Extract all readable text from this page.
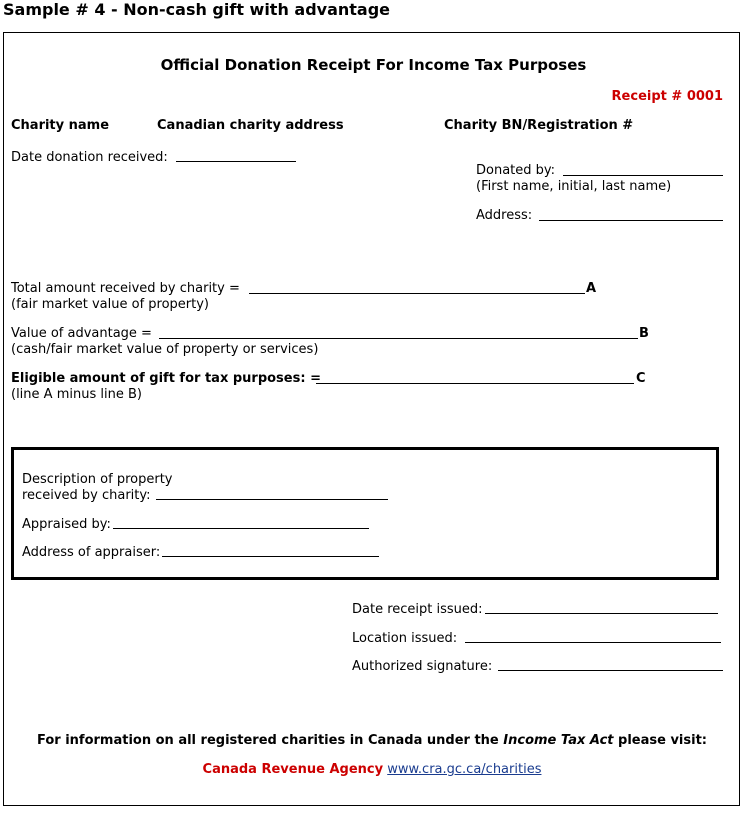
Sample # 4 - Non-cash gift with advantage
Official Donation Receipt For Income Tax Purposes
Receipt # 0001
Charity name	Canadian charity address	Charity BN/Registration #
Date donation received:
Donated by:
(First name, initial, last name)
Address:
Total amount received by charity =	A
(fair market value of property)
Value of advantage =	B
(cash/fair market value of property or services)
Eligible amount of gift for tax purposes: =	C
(line A minus line B)
Description of property
received by charity:
Appraised by:
Address of appraiser:
Date receipt issued:
Location issued:
Authorized signature:
For information on all registered charities in Canada under the Income Tax Act please visit:
Canada Revenue Agency www.cra.gc.ca/charities
